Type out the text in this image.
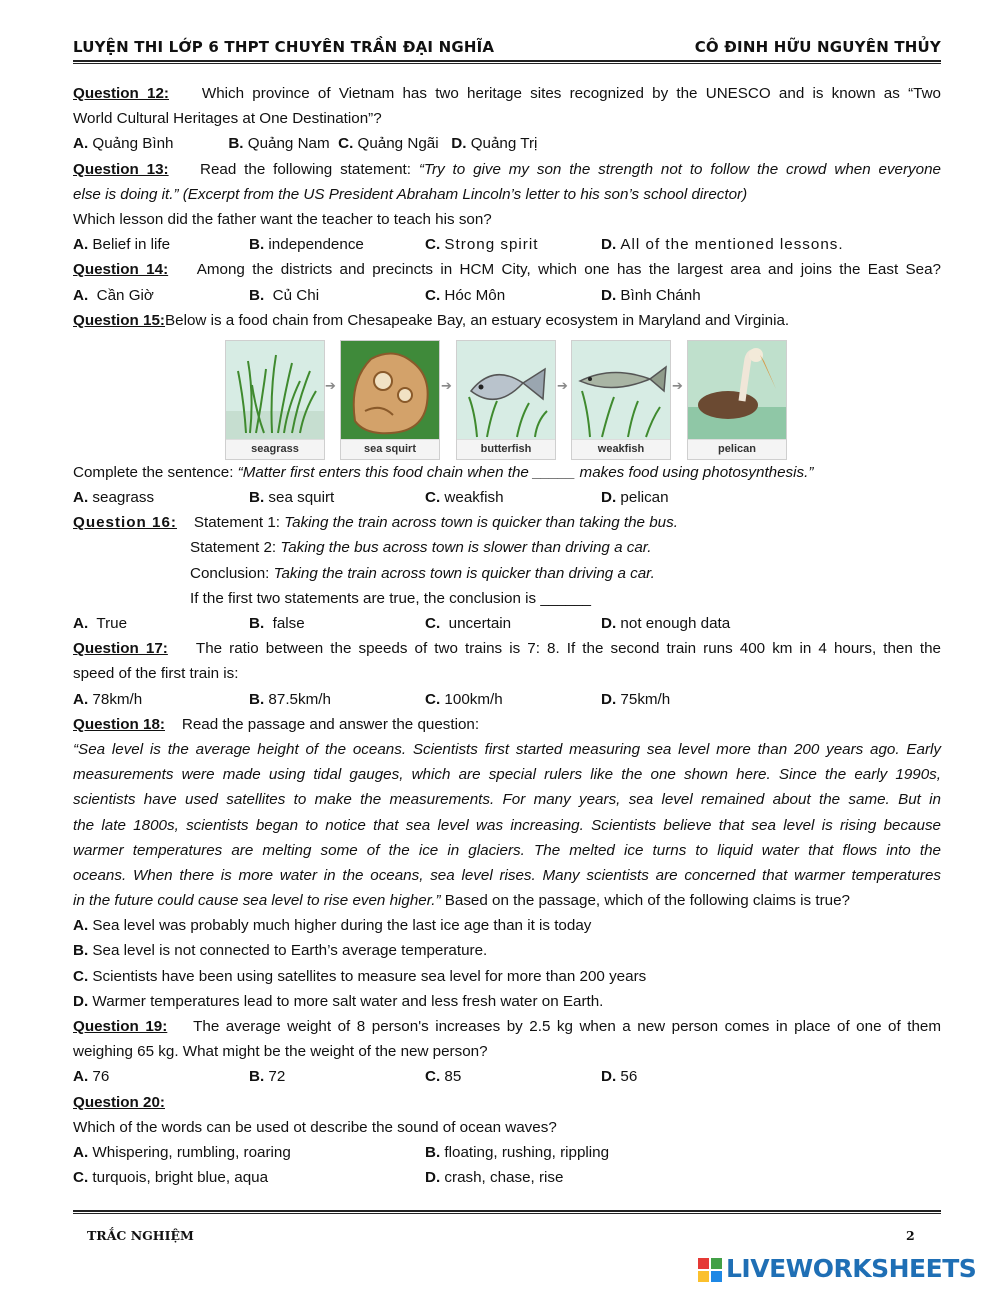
LUYỆN THI LỚP 6 THPT CHUYÊN TRẦN ĐẠI NGHĨA	CÔ ĐINH HỮU NGUYÊN THỦY
Question 12: Which province of Vietnam has two heritage sites recognized by the UNESCO and is known as “Two
World Cultural Heritages at One Destination”?
A. Quảng Bình	B. Quảng Nam C. Quảng Ngãi D. Quảng Trị
Question 13: Read the following statement: “Try to give my son the strength not to follow the crowd when everyone
else is doing it.” (Excerpt from the US President Abraham Lincoln’s letter to his son’s school director)
Which lesson did the father want the teacher to teach his son?
A. Belief in life	B. independence	C. Strong spirit	D. All of the mentioned lessons.
Question 14: Among the districts and precincts in HCM City, which one has the largest area and joins the East Sea?
A. Cần Giờ	B. Củ Chi	C. Hóc Môn	D. Bình Chánh
Question 15:Below is a food chain from Chesapeake Bay, an estuary ecosystem in Maryland and Virginia.
seagrass
➔
sea squirt
➔
butterfish
➔
weakfish
➔
pelican
Complete the sentence: “Matter first enters this food chain when the _____ makes food using photosynthesis.”
A. seagrass	B. sea squirt	C. weakfish	D. pelican
Question 16: Statement 1: Taking the train across town is quicker than taking the bus.
Statement 2: Taking the bus across town is slower than driving a car.
Conclusion: Taking the train across town is quicker than driving a car.
If the first two statements are true, the conclusion is ______
A. True	B. false	C. uncertain	D. not enough data
Question 17: The ratio between the speeds of two trains is 7: 8. If the second train runs 400 km in 4 hours, then the
speed of the first train is:
A. 78km/h	B. 87.5km/h	C. 100km/h	D. 75km/h
Question 18: Read the passage and answer the question:
“Sea level is the average height of the oceans. Scientists first started measuring sea level more than 200 years ago. Early
measurements were made using tidal gauges, which are special rulers like the one shown here. Since the early 1990s,
scientists have used satellites to make the measurements. For many years, sea level remained about the same. But in
the late 1800s, scientists began to notice that sea level was increasing. Scientists believe that sea level is rising because
warmer temperatures are melting some of the ice in glaciers. The melted ice turns to liquid water that flows into the
oceans. When there is more water in the oceans, sea level rises. Many scientists are concerned that warmer temperatures
in the future could cause sea level to rise even higher.” Based on the passage, which of the following claims is true?
A. Sea level was probably much higher during the last ice age than it is today
B. Sea level is not connected to Earth’s average temperature.
C. Scientists have been using satellites to measure sea level for more than 200 years
D. Warmer temperatures lead to more salt water and less fresh water on Earth.
Question 19: The average weight of 8 person's increases by 2.5 kg when a new person comes in place of one of them
weighing 65 kg. What might be the weight of the new person?
A. 76	B. 72	C. 85	D. 56
Question 20:
Which of the words can be used ot describe the sound of ocean waves?
A. Whispering, rumbling, roaring	B. floating, rushing, rippling
C. turquois, bright blue, aqua	D. crash, chase, rise
TRẮC NGHIỆM	2
LIVEWORKSHEETS
